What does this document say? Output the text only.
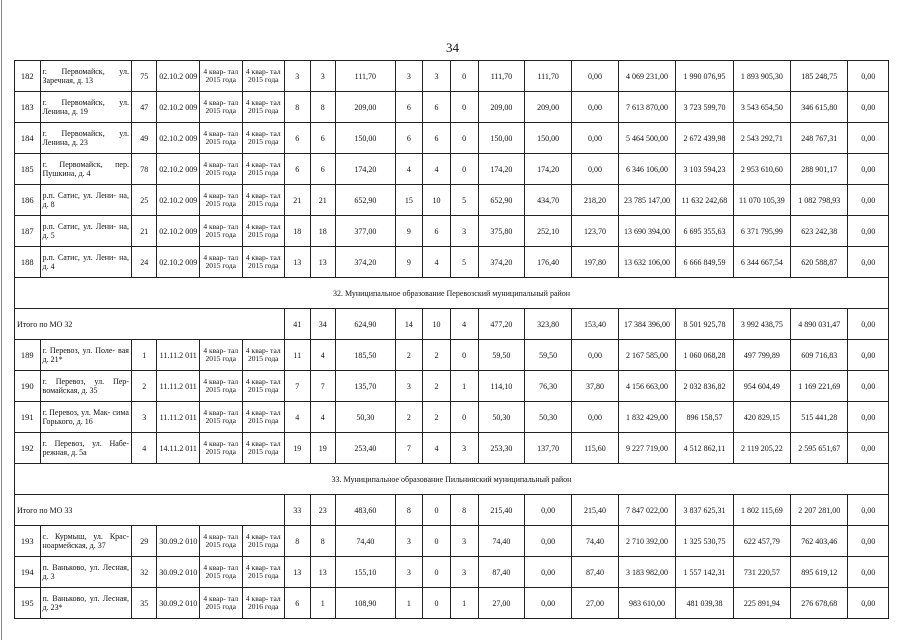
34
182	г. Первомайск, ул. Заречная, д. 13	75	02.10.2 009	4 квар- тал 2015 года	4 квар- тал 2015 года	3	3	111,70	3	3	0	111,70	111,70	0,00	4 069 231,00	1 990 076,95	1 893 905,30	185 248,75	0,00
183	г. Первомайск, ул. Ленина, д. 19	47	02.10.2 009	4 квар- тал 2015 года	4 квар- тал 2015 года	8	8	209,00	6	6	0	209,00	209,00	0,00	7 613 870,00	3 723 599,70	3 543 654,50	346 615,80	0,00
184	г. Первомайск, ул. Ленина, д. 23	49	02.10.2 009	4 квар- тал 2015 года	4 квар- тал 2015 года	6	6	150,00	6	6	0	150,00	150,00	0,00	5 464 500,00	2 672 439,98	2 543 292,71	248 767,31	0,00
185	г. Первомайск, пер. Пушкина, д. 4	78	02.10.2 009	4 квар- тал 2015 года	4 квар- тал 2015 года	6	6	174,20	4	4	0	174,20	174,20	0,00	6 346 106,00	3 103 594,23	2 953 610,60	288 901,17	0,00
186	р.п. Сатис, ул. Лени- на, д. 8	25	02.10.2 009	4 квар- тал 2015 года	4 квар- тал 2015 года	21	21	652,90	15	10	5	652,90	434,70	218,20	23 785 147,00	11 632 242,68	11 070 105,39	1 082 798,93	0,00
187	р.п. Сатис, ул. Лени- на, д. 5	21	02.10.2 009	4 квар- тал 2015 года	4 квар- тал 2015 года	18	18	377,00	9	6	3	375,80	252,10	123,70	13 690 394,00	6 695 355,63	6 371 795,99	623 242,38	0,00
188	р.п. Сатис, ул. Лени- на, д. 4	24	02.10.2 009	4 квар- тал 2015 года	4 квар- тал 2015 года	13	13	374,20	9	4	5	374,20	176,40	197,80	13 632 106,00	6 666 849,59	6 344 667,54	620 588,87	0,00
32. Муниципальное образование Перевозский муниципальный район																			
Итого по МО 32						41	34	624,90	14	10	4	477,20	323,80	153,40	17 384 396,00	8 501 925,78	3 992 438,75	4 890 031,47	0,00
189	г. Перевоз, ул. Поле- вая д. 21*	1	11.11.2 011	4 квар- тал 2015 года	4 квар- тал 2015 года	11	4	185,50	2	2	0	59,50	59,50	0,00	2 167 585,00	1 060 068,28	497 799,89	609 716,83	0,00
190	г. Перевоз, ул. Пер- вомайская, д. 35	2	11.11.2 011	4 квар- тал 2015 года	4 квар- тал 2015 года	7	7	135,70	3	2	1	114,10	76,30	37,80	4 156 663,00	2 032 836,82	954 604,49	1 169 221,69	0,00
191	г. Перевоз, ул. Мак- сима Горького, д. 16	3	11.11.2 011	4 квар- тал 2015 года	4 квар- тал 2015 года	4	4	50,30	2	2	0	50,30	50,30	0,00	1 832 429,00	896 158,57	420 829,15	515 441,28	0,00
192	г. Перевоз, ул. Набе- режная, д. 5а	4	14.11.2 011	4 квар- тал 2015 года	4 квар- тал 2015 года	19	19	253,40	7	4	3	253,30	137,70	115,60	9 227 719,00	4 512 862,11	2 119 205,22	2 595 651,67	0,00
33. Муниципальное образование Пильнинский муниципальный район																			
Итого по МО 33						33	23	483,60	8	0	8	215,40	0,00	215,40	7 847 022,00	3 837 625,31	1 802 115,69	2 207 281,00	0,00
193	с. Курмыш, ул. Крас- ноармейская, д. 37	29	30.09.2 010	4 квар- тал 2015 года	4 квар- тал 2015 года	8	8	74,40	3	0	3	74,40	0,00	74,40	2 710 392,00	1 325 530,75	622 457,79	762 403,46	0,00
194	п. Ваньково, ул. Лесная, д. 3	32	30.09.2 010	4 квар- тал 2015 года	4 квар- тал 2015 года	13	13	155,10	3	0	3	87,40	0,00	87,40	3 183 982,00	1 557 142,31	731 220,57	895 619,12	0,00
195	п. Ваньково, ул. Лесная, д. 23*	35	30.09.2 010	4 квар- тал 2015 года	4 квар- тал 2016 года	6	1	108,90	1	0	1	27,00	0,00	27,00	983 610,00	481 039,38	225 891,94	276 678,68	0,00
